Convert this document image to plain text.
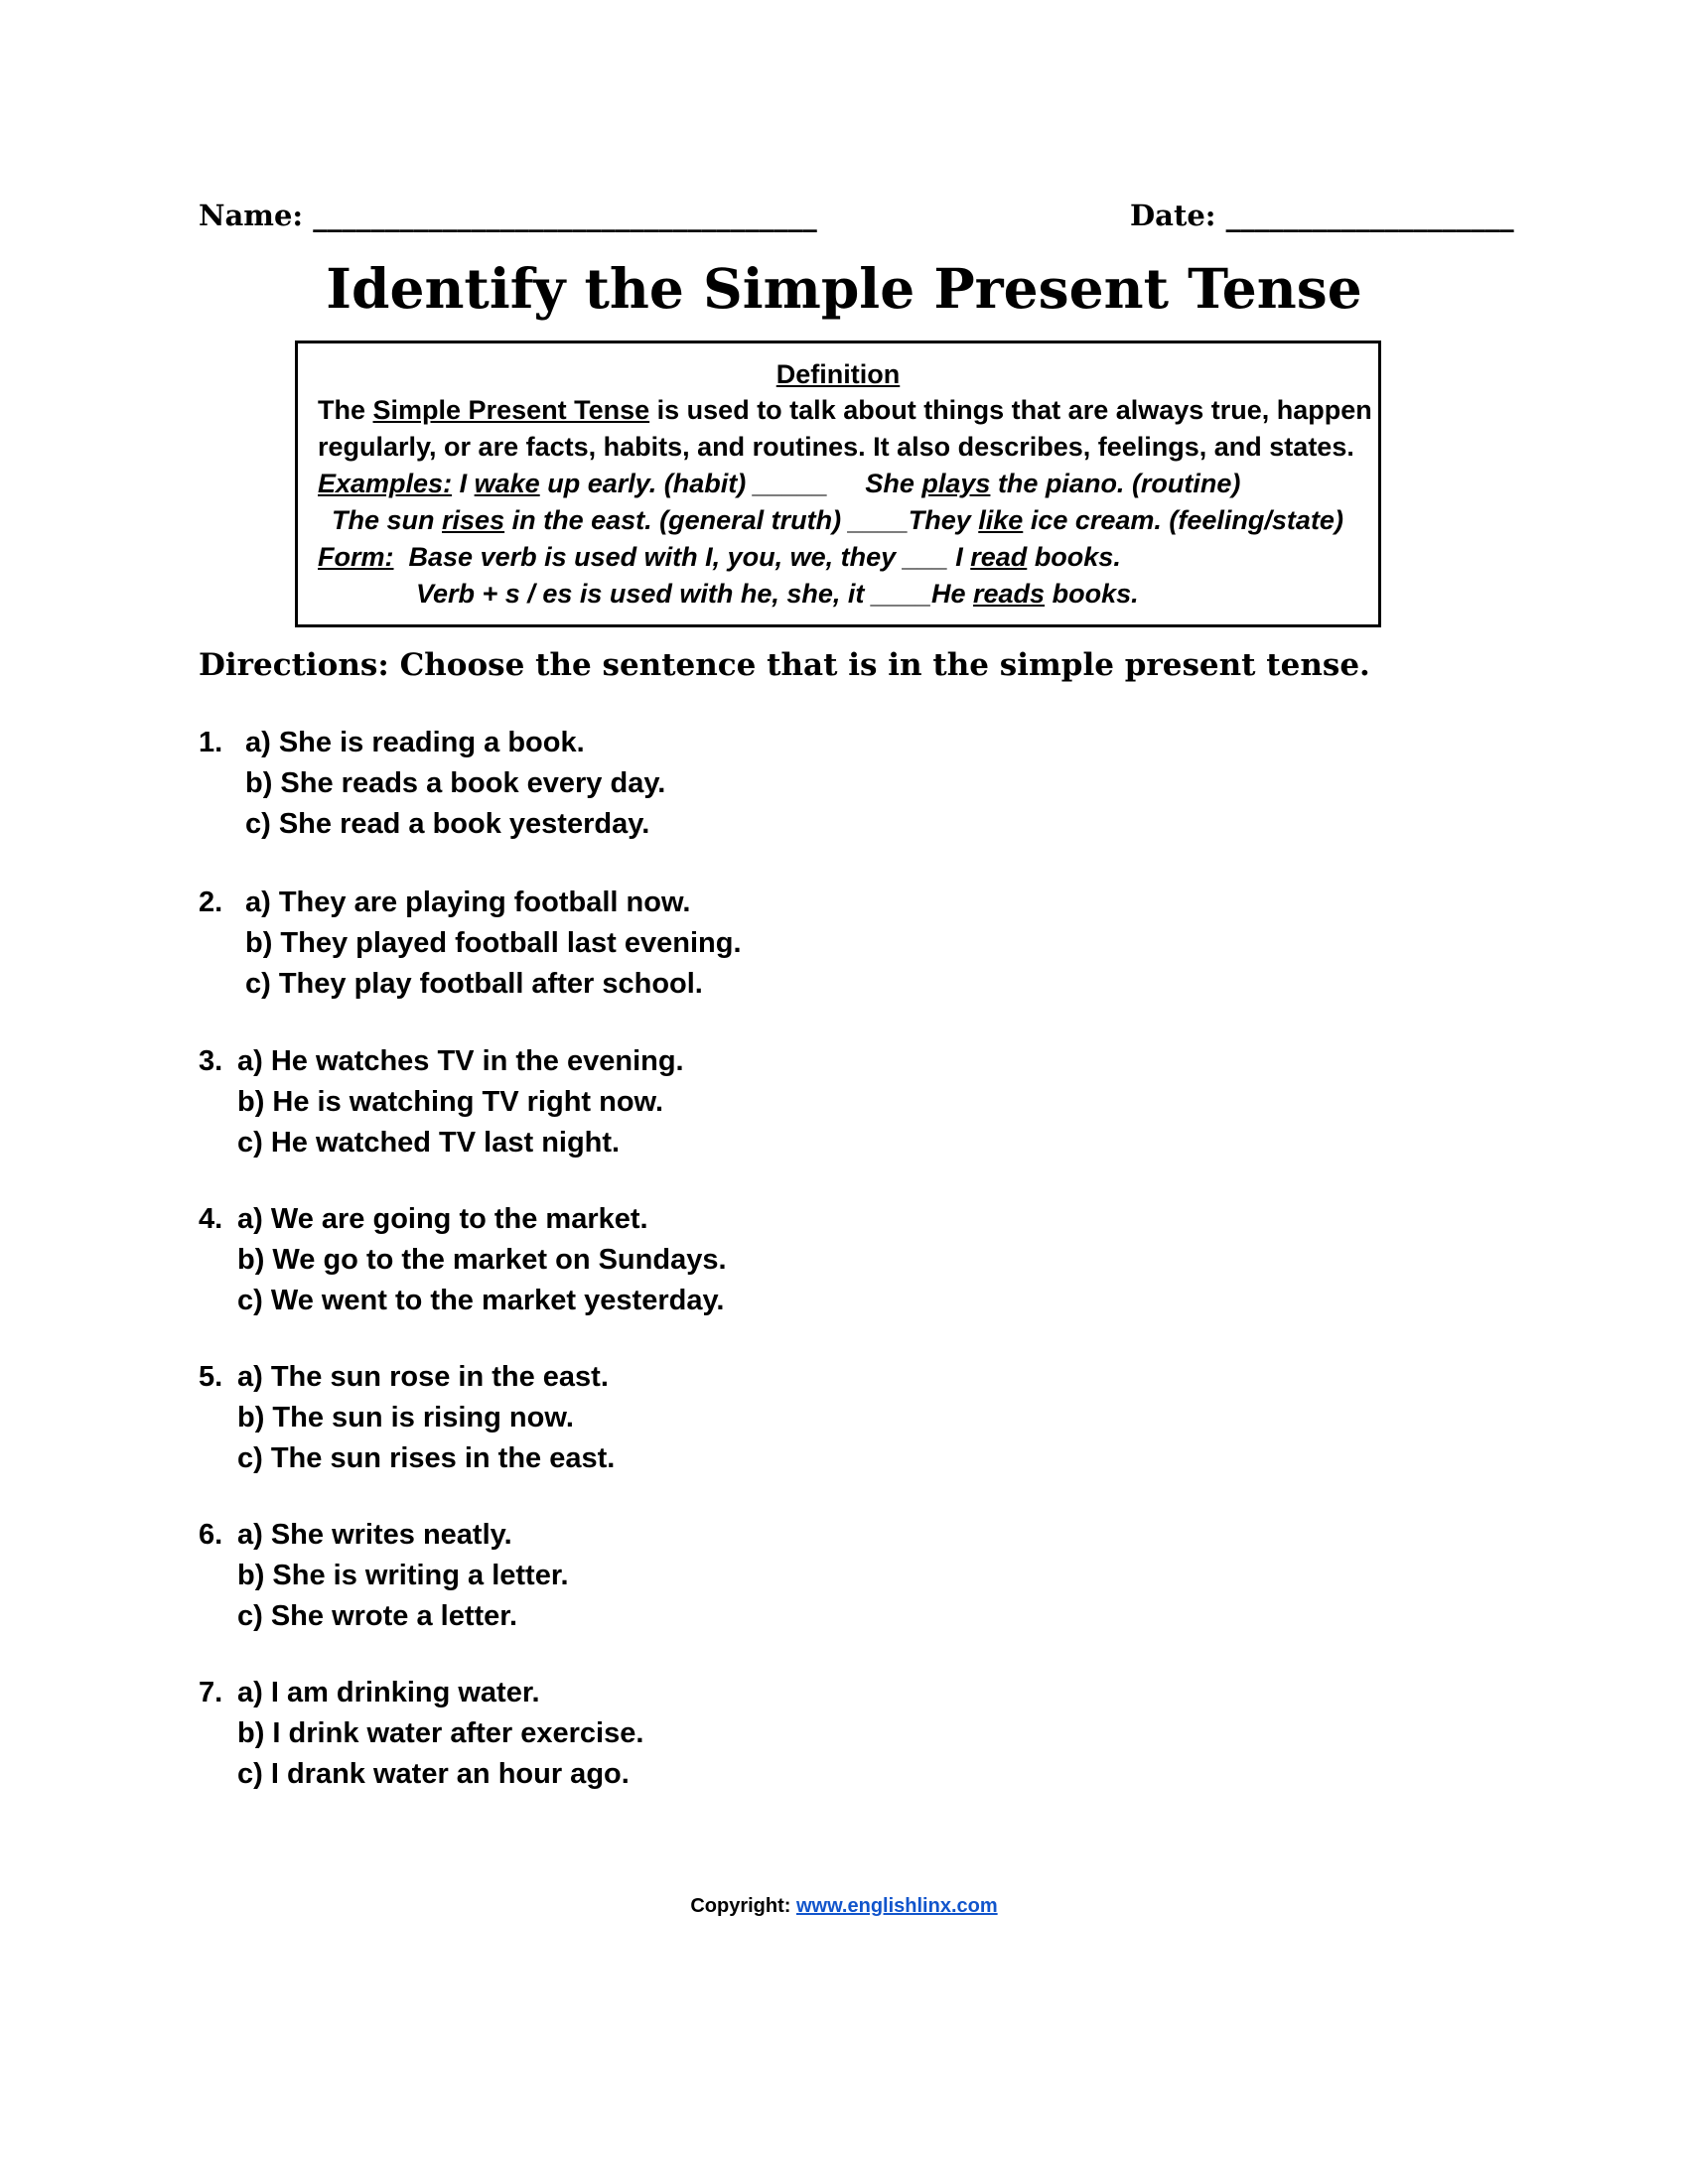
Name: ___________________________________	Date: ____________________
Identify the Simple Present Tense
Definition
The Simple Present Tense is used to talk about things that are always true, happen
regularly, or are facts, habits, and routines. It also describes, feelings, and states.
Examples: I wake up early. (habit) _____ She plays the piano. (routine)
The sun rises in the east. (general truth) ____They like ice cream. (feeling/state)
Form: Base verb is used with I, you, we, they ___ I read books.
Verb + s / es is used with he, she, it ____He reads books.
Directions: Choose the sentence that is in the simple present tense.
1. a) She is reading a book.
b) She reads a book every day.
c) She read a book yesterday.
2. a) They are playing football now.
b) They played football last evening.
c) They play football after school.
3. a) He watches TV in the evening.
b) He is watching TV right now.
c) He watched TV last night.
4. a) We are going to the market.
b) We go to the market on Sundays.
c) We went to the market yesterday.
5. a) The sun rose in the east.
b) The sun is rising now.
c) The sun rises in the east.
6. a) She writes neatly.
b) She is writing a letter.
c) She wrote a letter.
7. a) I am drinking water.
b) I drink water after exercise.
c) I drank water an hour ago.
Copyright: www.englishlinx.com
